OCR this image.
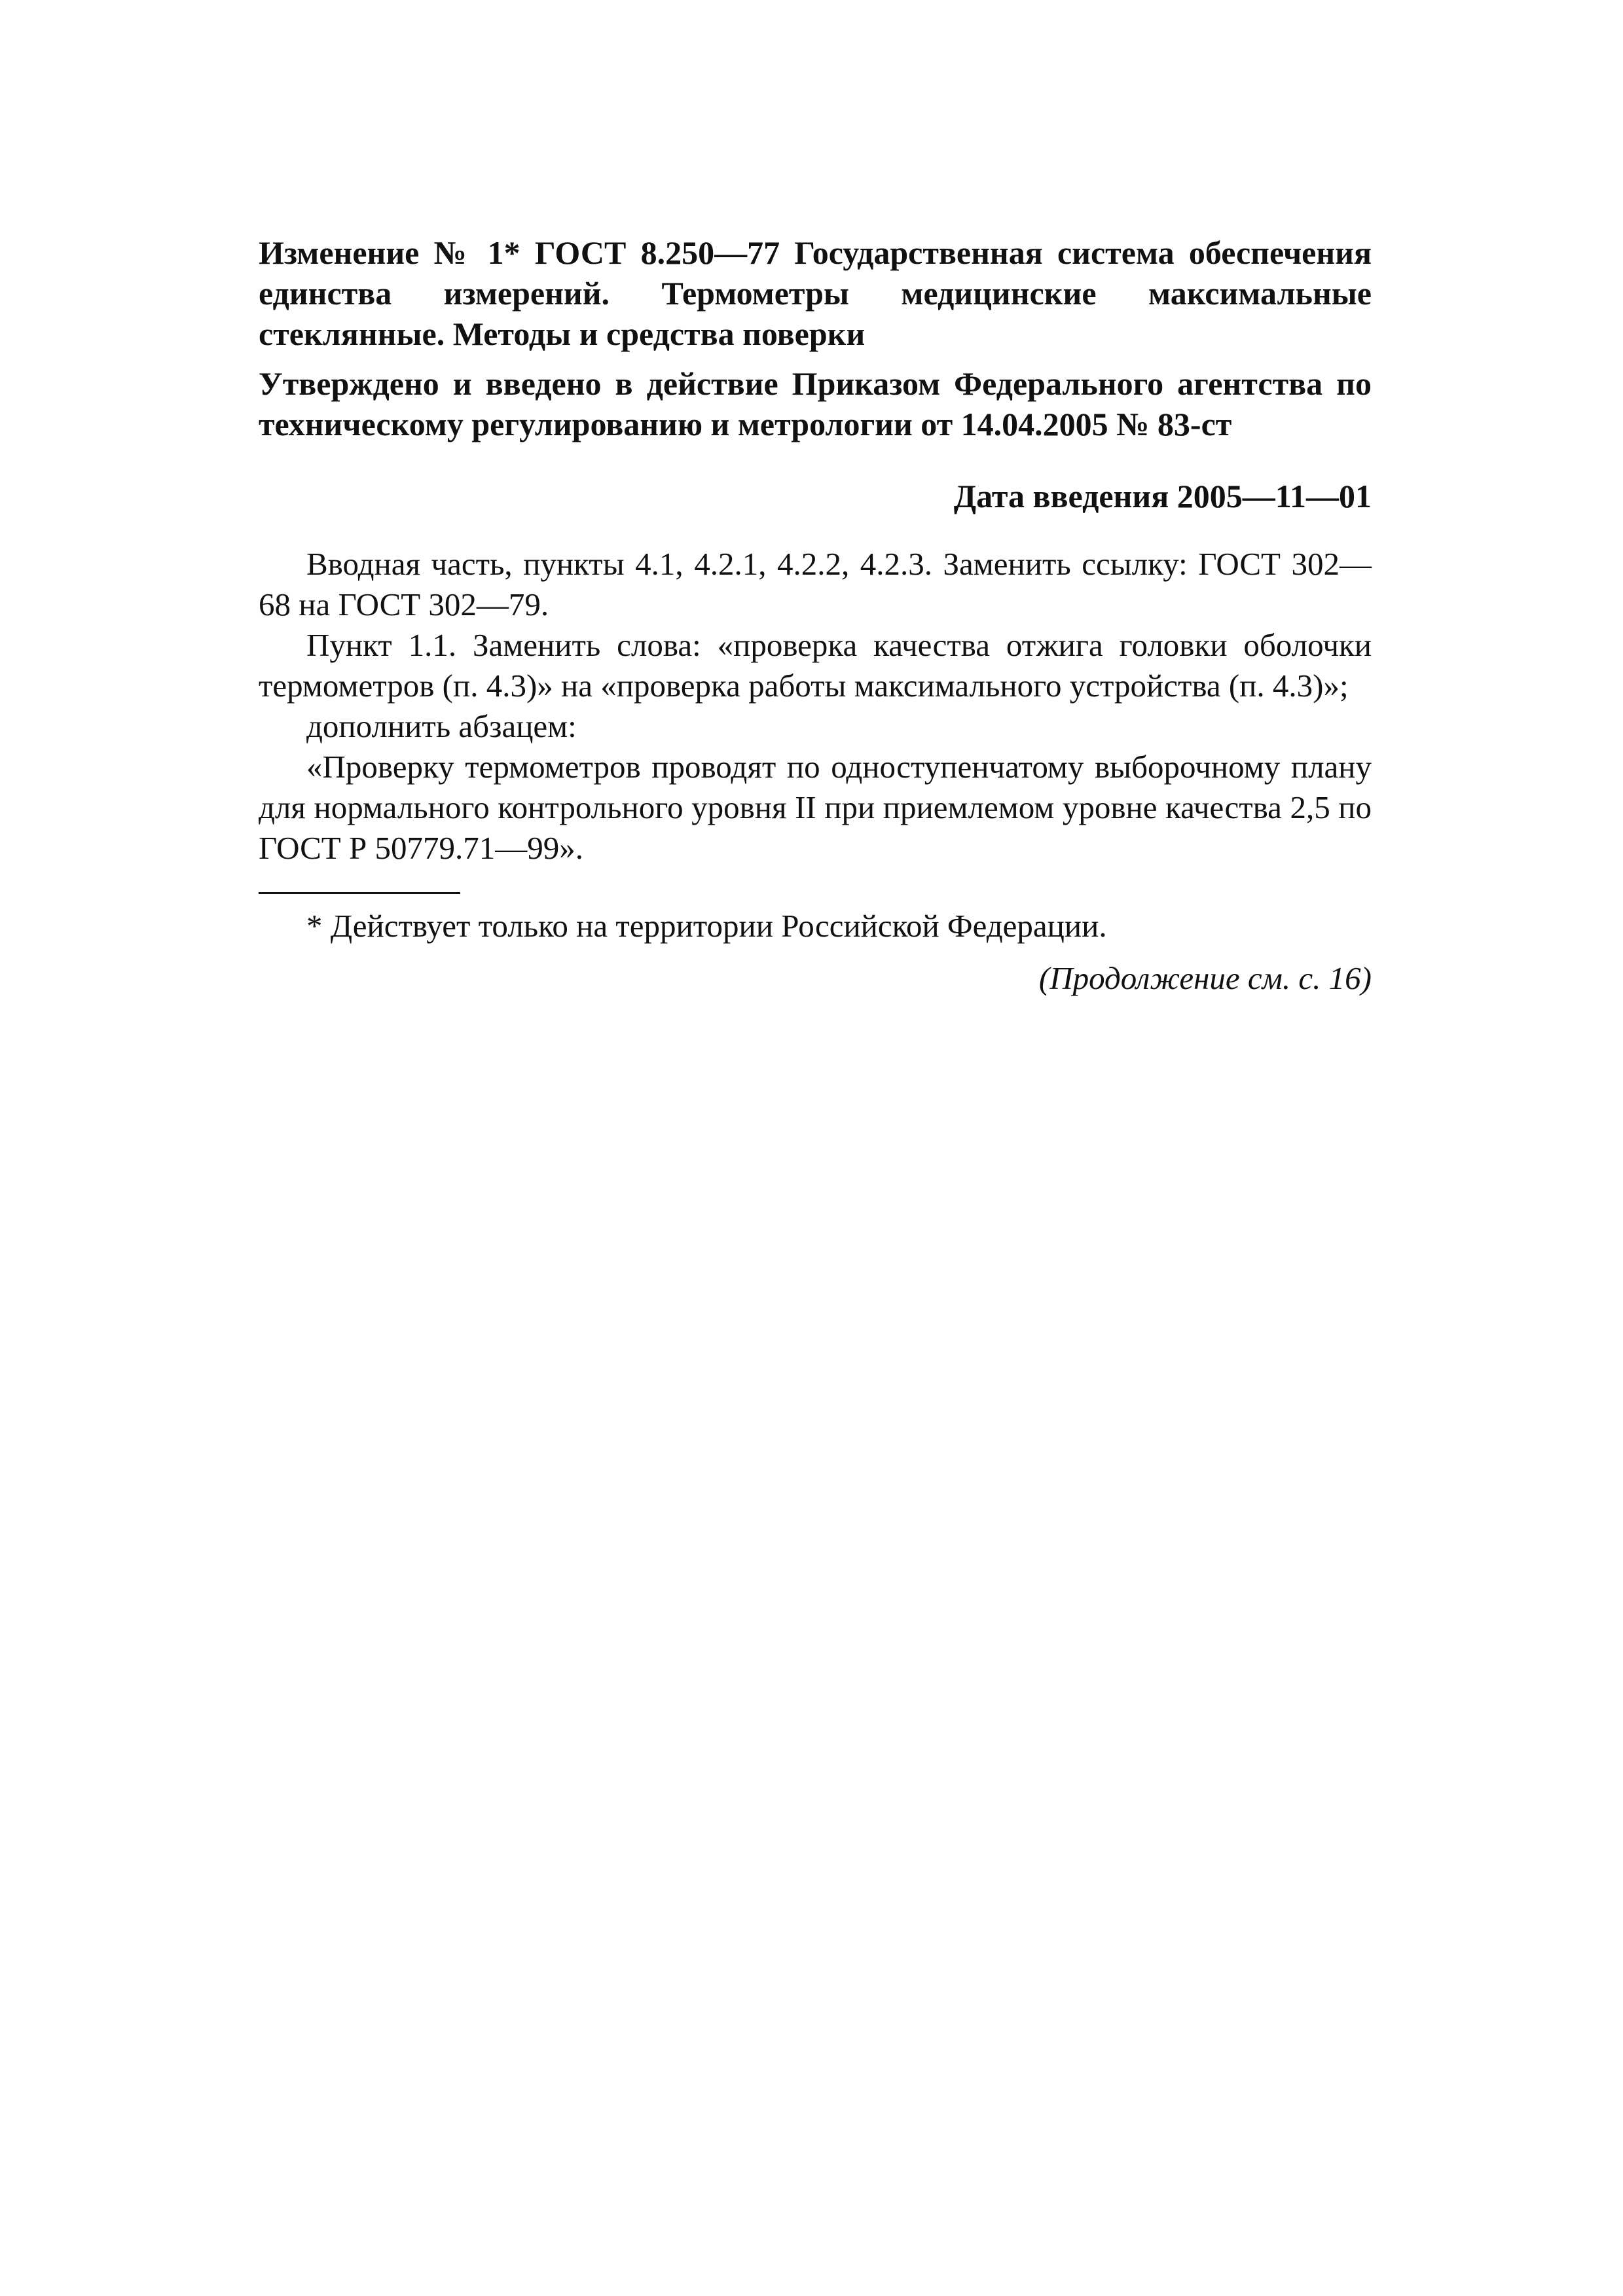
Изменение № 1* ГОСТ 8.250—77 Государственная система обеспечения единства измерений. Термометры медицинские максимальные стеклянные. Методы и средства поверки

Утверждено и введено в действие Приказом Федерального агентства по техническому регулированию и метрологии от 14.04.2005 № 83-ст

Дата введения 2005—11—01

Вводная часть, пункты 4.1, 4.2.1, 4.2.2, 4.2.3. Заменить ссылку: ГОСТ 302—68 на ГОСТ 302—79.

Пункт 1.1. Заменить слова: «проверка качества отжига головки оболочки термометров (п. 4.3)» на «проверка работы максимального устройства (п. 4.3)»;

дополнить абзацем:

«Проверку термометров проводят по одноступенчатому выборочному плану для нормального контрольного уровня II при приемлемом уровне качества 2,5 по ГОСТ Р 50779.71—99».

* Действует только на территории Российской Федерации.

(Продолжение см. с. 16)
